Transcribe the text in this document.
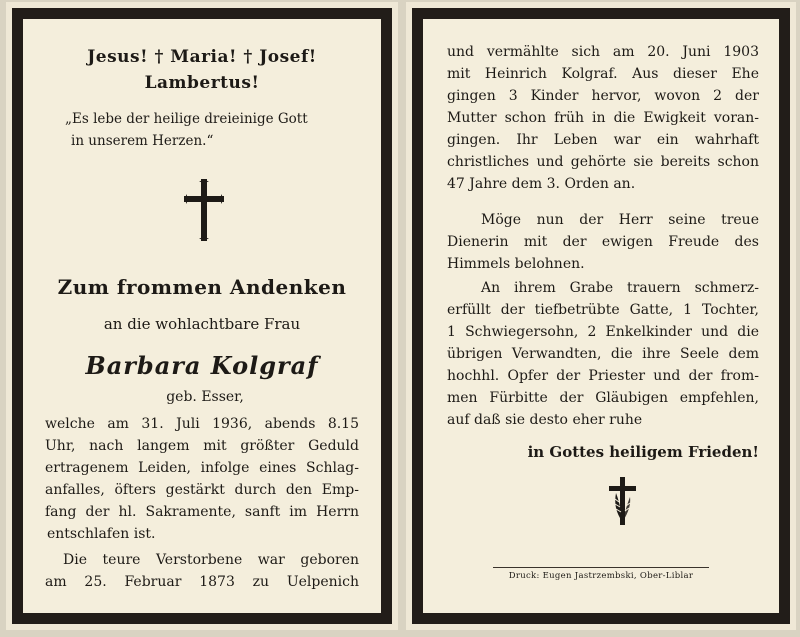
Jesus! † Maria! † Josef!
Lambertus!
„Es lebe der heilige dreieinige Gott
in unserem Herzen.“
Zum frommen Andenken
an die wohlachtbare Frau
Barbara Kolgraf
geb. Esser,
welche am 31. Juli 1936, abends 8.15
Uhr, nach langem mit größter Geduld
ertragenem Leiden, infolge eines Schlag-
anfalles, öfters gestärkt durch den Emp-
fang der hl. Sakramente, sanft im Herrn
entschlafen ist.
Die teure Verstorbene war geboren
am 25. Februar 1873 zu Uelpenich
und vermählte sich am 20. Juni 1903
mit Heinrich Kolgraf. Aus dieser Ehe
gingen 3 Kinder hervor, wovon 2 der
Mutter schon früh in die Ewigkeit voran-
gingen. Ihr Leben war ein wahrhaft
christliches und gehörte sie bereits schon
47 Jahre dem 3. Orden an.
Möge nun der Herr seine treue
Dienerin mit der ewigen Freude des
Himmels belohnen.
An ihrem Grabe trauern schmerz-
erfüllt der tiefbetrübte Gatte, 1 Tochter,
1 Schwiegersohn, 2 Enkelkinder und die
übrigen Verwandten, die ihre Seele dem
hochhl. Opfer der Priester und der from-
men Fürbitte der Gläubigen empfehlen,
auf daß sie desto eher ruhe
in Gottes heiligem Frieden!
Druck: Eugen Jastrzembski, Ober-Liblar
